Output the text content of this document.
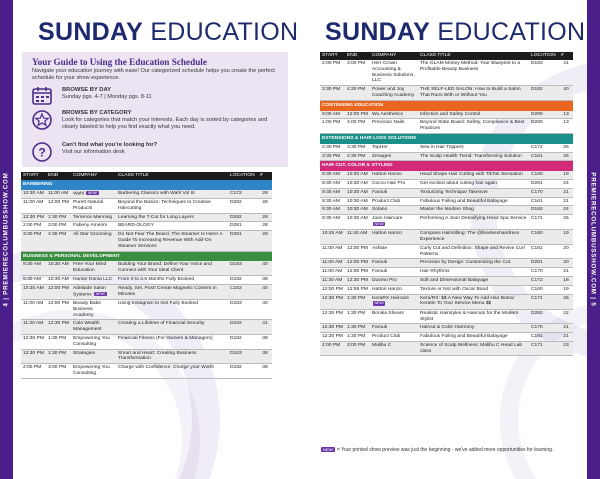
4 | PREMIERECOLUMBUSSHOW.COM
SUNDAY EDUCATION
Your Guide to Using the Education Schedule
Navigate your education journey with ease! Our categorized schedule helps you create the perfect schedule for your show experience.
BROWSE BY DAY
Sunday pgs. 4-7 | Monday pgs. 8-11
BROWSE BY CATEGORY
Look for categories that match your interests. Each day is sorted by categories and clearly labeled to help you find exactly what you need.
?
Can't find what you're looking for?
Visit our information desk
START	END	COMPANY	CLASS TITLE	LOCATION	#
BARBERING					
10:30 AM	11:00 AM	Wahl NEW!	Barbering Classics with Wahl Vol III	C172	29
11:00 AM	12:00 PM	Pure0 Natural Products	Beyond the Basics: Techniques to Creative Haircutting	D282	28
12:30 PM	1:30 PM	Terrence Manning	Learning the T-Cut for Long Layers	D282	28
2:00 PM	3:00 PM	Fabeny Amerim	BEARD-OLOGY	D281	28
3:30 PM	4:30 PM	All Star Grooming	Do Not Fear The Beard, The Steamer Is Here! A Guide To Increasing Revenue With Add-On Steamer Services	D281	29
BUSINESS & PERSONAL DEVELOPMENT					
9:30 AM	10:30 AM	Free Your Mind Education	Building Your Brand: Define Your Voice and Connect with Your Ideal Client	D183	40
9:30 AM	10:30 AM	Hunter Donia LLC	From 0 to 3.5 Months Fully Booked	D182	38
10:30 AM	12:00 PM	Adelaide Salon Systems NEW!	Ready, Set, Post! Create Magnetic Content in Minutes	C162	40
11:00 AM	12:00 PM	Beauty Babe Business Academy	Using Instagram to Get Fully Booked	D183	40
11:30 AM	12:30 PM	Cole Wealth Management	Creating a Lifetime of Financial Security	D182	41
12:30 PM	1:30 PM	Empowering You Consulting	Financial Fitness (For Owners & Managers)	D182	38
12:30 PM	1:30 PM	Strategies	Smart and Heart: Creating Business Transformation	D183	38
2:00 PM	3:00 PM	Empowering You Consulting	Charge with Confidence, Charge your Worth	D182	38
PREMIERECOLUMBUSSHOW.COM | 5
SUNDAY EDUCATION
START	END	COMPANY	CLASS TITLE	LOCATION	#
2:00 PM	3:00 PM	Herr Crown Accounting & Business Solutions, LLC	The GLAM Money Method: Your Blueprint to a Profitable Beauty Business	D183	41
3:30 PM	4:30 PM	Power and Joy Coaching Academy	THE SELF-LED SALON: How to Build a Salon That Runs With or Without You	D182	40
CONTINUING EDUCATION					
9:00 AM	12:00 PM	Wu Aesthetics	Infection and Safety Control	D280	13
1:00 PM	4:00 PM	Precision Nails	Beyond State Board: Safety, Compliance & Best Practices	D280	13
EXTENSIONS & HAIR LOSS SOLUTIONS					
2:30 PM	3:30 PM	TopHer	Sew in Hair Toppers	C172	26
3:30 PM	4:30 PM	Zenagen	The Scalp Health Trend: Transforming Solution	C161	26
HAIR CUT, COLOR & STYLING					
9:30 AM	10:30 AM	Hattori Hanzo	Head Shape Hair Cutting with TikTok Sensation	C160	19
9:30 AM	10:30 AM	Cocco Hair Pro	Get excited about cutting hair again	D281	24
9:30 AM	10:30 AM	Farouk	Texturizing Technique Takeover	C170	21
9:30 AM	10:30 AM	Product Club	Fabulous Foiling and Beautiful Balayage	C161	21
9:30 AM	10:30 AM	Solano	Master the Modern Shag	D182	24
9:30 AM	10:30 AM	Joon Haircare NEW!	Performing A Joon Detoxifying Head Spa Service	C171	25
10:45 AM	11:40 AM	Hattori Hanzo	Compass Hairstilling: The @fearlesshairdress Experience	C160	19
11:00 AM	12:00 PM	Ashtae	Curly Cut and Definition: Shape and Revive Curl Patterns	C161	20
11:00 AM	12:00 PM	Farouk	Precision by Design: Customizing the Cut.	D281	20
11:00 AM	12:00 PM	Farouk	Hair Rhythms	C170	21
11:30 AM	12:30 PM	Duomo Pro	Soft and Dimensional Balayage	C172	18
12:00 PM	12:55 PM	Hattori Hanzo	Texture or Not with Oscar Bond	C160	19
12:30 PM	1:30 PM	KeraRX Haircare NEW!	Kera/RX: $$ A New Way To Add Hair Botox/ Keratin To Your Service Menu $$	C171	25
12:30 PM	1:30 PM	Bonika Shears	Realistic Hairstyles & Haircuts for the Modern Stylist	D282	22
12:30 PM	1:30 PM	Farouk	Haircut & Color Harmony	C170	21
12:30 PM	1:30 PM	Product Club	Fabulous Foiling and Beautiful Balayage	C161	21
2:00 PM	3:00 PM	Malibu C	Science of Scalp Wellness: Malibu C Head Lab class	C171	23
NEW! = Your printed show preview was just the beginning - we've added more opportunities for learning.
